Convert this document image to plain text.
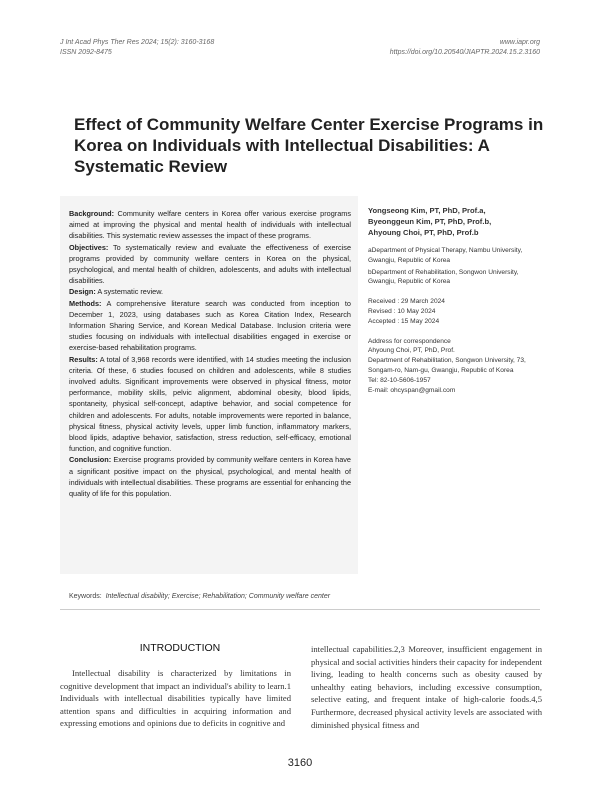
J Int Acad Phys Ther Res 2024; 15(2): 3160-3168
ISSN 2092-8475
www.iapr.org
https://doi.org/10.20540/JIAPTR.2024.15.2.3160
Effect of Community Welfare Center Exercise Programs in Korea on Individuals with Intellectual Disabilities: A Systematic Review

Background: Community welfare centers in Korea offer various exercise programs aimed at improving the physical and mental health of individuals with intellectual disabilities. This systematic review assesses the impact of these programs.

Objectives: To systematically review and evaluate the effectiveness of exercise programs provided by community welfare centers in Korea on the physical, psychological, and mental health of children, adolescents, and adults with intellectual disabilities.

Design: A systematic review.

Methods: A comprehensive literature search was conducted from inception to December 1, 2023, using databases such as Korea Citation Index, Research Information Sharing Service, and Korean Medical Database. Inclusion criteria were studies focusing on individuals with intellectual disabilities engaged in exercise or exercise-based rehabilitation programs.

Results: A total of 3,968 records were identified, with 14 studies meeting the inclusion criteria. Of these, 6 studies focused on children and adolescents, while 8 studies involved adults. Significant improvements were observed in physical fitness, motor performance, mobility skills, pelvic alignment, abdominal obesity, blood lipids, spontaneity, physical self-concept, adaptive behavior, and social competence for children and adolescents. For adults, notable improvements were reported in balance, physical fitness, physical activity levels, upper limb function, inflammatory markers, blood lipids, adaptive behavior, satisfaction, stress reduction, self-efficacy, emotional function, and cognitive function.

Conclusion: Exercise programs provided by community welfare centers in Korea have a significant positive impact on the physical, psychological, and mental health of individuals with intellectual disabilities. These programs are essential for enhancing the quality of life for this population.

Keywords: Intellectual disability; Exercise; Rehabilitation; Community welfare center
Yongseong Kim, PT, PhD, Prof.a,
Byeonggeun Kim, PT, PhD, Prof.b,
Ahyoung Choi, PT, PhD, Prof.b
aDepartment of Physical Therapy, Nambu University, Gwangju, Republic of Korea
bDepartment of Rehabilitation, Songwon University, Gwangju, Republic of Korea
Received : 29 March 2024
Revised : 10 May 2024
Accepted : 15 May 2024
Address for correspondence
Ahyoung Choi, PT, PhD, Prof.
Department of Rehabilitation, Songwon University, 73, Songam-ro, Nam-gu, Gwangju, Republic of Korea
Tel: 82-10-5606-1957
E-mail: ohcyspan@gmail.com
INTRODUCTION

Intellectual disability is characterized by limitations in cognitive development that impact an individual's ability to learn.1 Individuals with intellectual disabilities typically have limited attention spans and difficulties in acquiring information and expressing emotions and opinions due to deficits in cognitive and

intellectual capabilities.2,3 Moreover, insufficient engagement in physical and social activities hinders their capacity for independent living, leading to health concerns such as obesity caused by unhealthy eating behaviors, including excessive consumption, selective eating, and frequent intake of high-calorie foods.4,5 Furthermore, decreased physical activity levels are associated with diminished physical fitness and

3160
